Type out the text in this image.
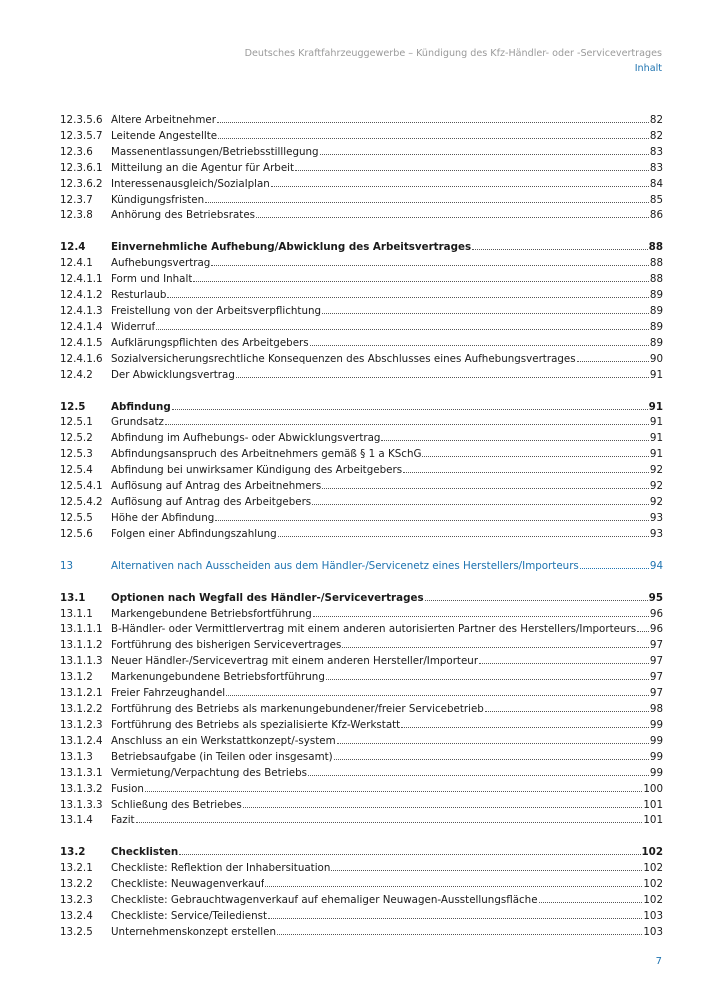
Deutsches Kraftfahrzeuggewerbe – Kündigung des Kfz-Händler- oder -Servicevertrages
Inhalt
12.3.5.6 Ältere Arbeitnehmer	82
12.3.5.7 Leitende Angestellte	82
12.3.6	Massenentlassungen/Betriebsstilllegung	83
12.3.6.1 Mitteilung an die Agentur für Arbeit	83
12.3.6.2 Interessenausgleich/Sozialplan	84
12.3.7	Kündigungsfristen	85
12.3.8	Anhörung des Betriebsrates	86
12.4	Einvernehmliche Aufhebung/Abwicklung des Arbeitsvertrages	88
12.4.1	Aufhebungsvertrag	88
12.4.1.1 Form und Inhalt	88
12.4.1.2 Resturlaub	89
12.4.1.3 Freistellung von der Arbeitsverpflichtung	89
12.4.1.4 Widerruf	89
12.4.1.5 Aufklärungspflichten des Arbeitgebers	89
12.4.1.6 Sozialversicherungsrechtliche Konsequenzen des Abschlusses eines Aufhebungsvertrages	90
12.4.2	Der Abwicklungsvertrag	91
12.5	Abfindung	91
12.5.1	Grundsatz	91
12.5.2	Abfindung im Aufhebungs- oder Abwicklungsvertrag	91
12.5.3	Abfindungsanspruch des Arbeitnehmers gemäß § 1 a KSchG	91
12.5.4	Abfindung bei unwirksamer Kündigung des Arbeitgebers	92
12.5.4.1 Auflösung auf Antrag des Arbeitnehmers	92
12.5.4.2 Auflösung auf Antrag des Arbeitgebers	92
12.5.5	Höhe der Abfindung	93
12.5.6	Folgen einer Abfindungszahlung	93
13	Alternativen nach Ausscheiden aus dem Händler-/Servicenetz eines Herstellers/Importeurs	94
13.1	Optionen nach Wegfall des Händler-/Servicevertrages	95
13.1.1	Markengebundene Betriebsfortführung	96
13.1.1.1 B-Händler- oder Vermittlervertrag mit einem anderen autorisierten Partner des Herstellers/Importeurs 96
13.1.1.2 Fortführung des bisherigen Servicevertrages	97
13.1.1.3 Neuer Händler-/Servicevertrag mit einem anderen Hersteller/Importeur	97
13.1.2	Markenungebundene Betriebsfortführung	97
13.1.2.1 Freier Fahrzeughandel	97
13.1.2.2 Fortführung des Betriebs als markenungebundener/freier Servicebetrieb	98
13.1.2.3 Fortführung des Betriebs als spezialisierte Kfz-Werkstatt	99
13.1.2.4 Anschluss an ein Werkstattkonzept/-system	99
13.1.3	Betriebsaufgabe (in Teilen oder insgesamt)	99
13.1.3.1 Vermietung/Verpachtung des Betriebs	99
13.1.3.2 Fusion	100
13.1.3.3 Schließung des Betriebes	101
13.1.4	Fazit	101
13.2	Checklisten	102
13.2.1	Checkliste: Reflektion der Inhabersituation	102
13.2.2	Checkliste: Neuwagenverkauf	102
13.2.3	Checkliste: Gebrauchtwagenverkauf auf ehemaliger Neuwagen-Ausstellungsfläche	102
13.2.4	Checkliste: Service/Teiledienst	103
13.2.5	Unternehmenskonzept erstellen	103
7
